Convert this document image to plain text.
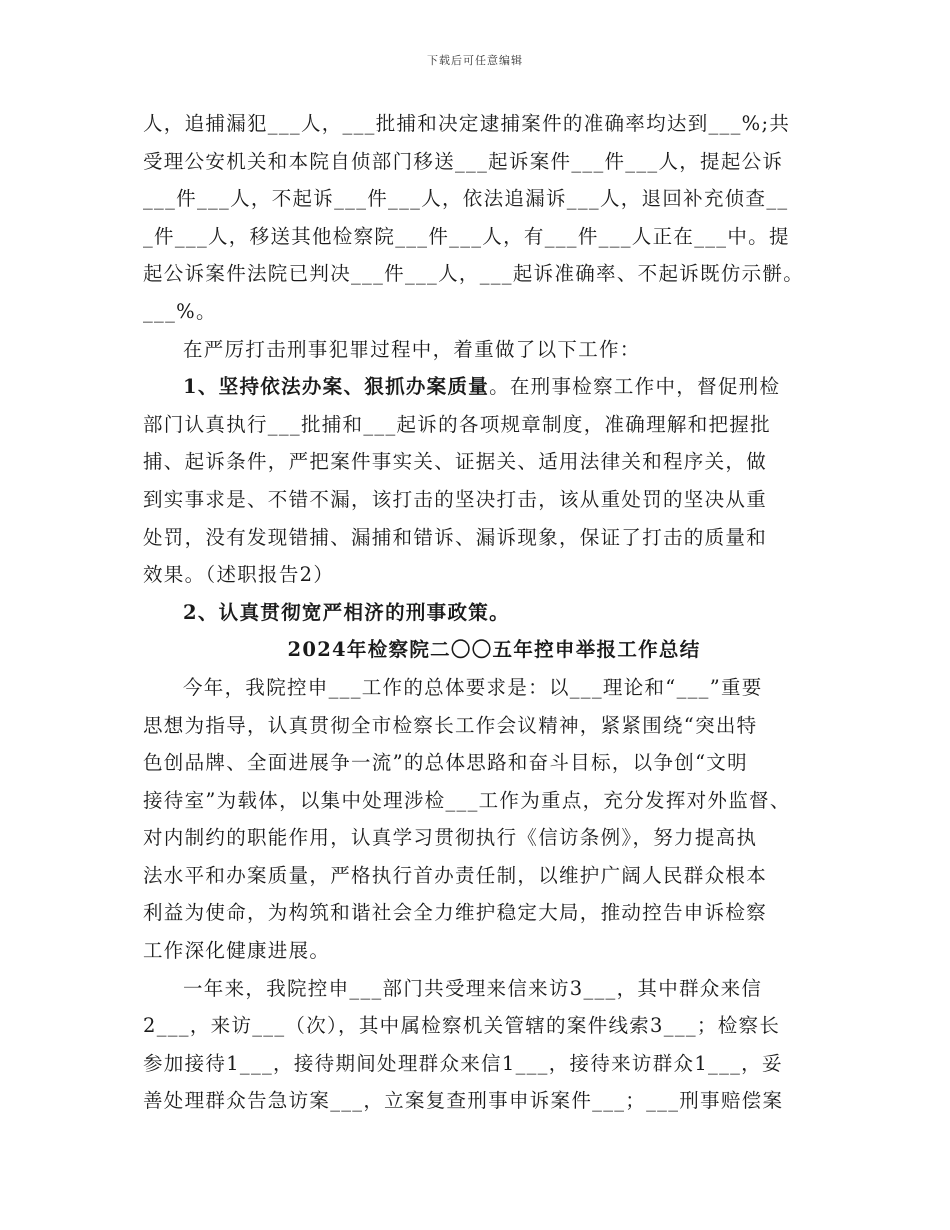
下载后可任意编辑
人，追捕漏犯___人，___批捕和决定逮捕案件的准确率均达到___%;共
受理公安机关和本院自侦部门移送___起诉案件___件___人，提起公诉
___件___人，不起诉___件___人，依法追漏诉___人，退回补充侦查__
_件___人，移送其他检察院___件___人，有___件___人正在___中。提
起公诉案件法院已判决___件___人，___起诉准确率、不起诉既仿示骿。
___%。
在严厉打击刑事犯罪过程中，着重做了以下工作：
1、坚持依法办案、狠抓办案质量。在刑事检察工作中，督促刑检
部门认真执行___批捕和___起诉的各项规章制度，准确理解和把握批
捕、起诉条件，严把案件事实关、证据关、适用法律关和程序关，做
到实事求是、不错不漏，该打击的坚决打击，该从重处罚的坚决从重
处罚，没有发现错捕、漏捕和错诉、漏诉现象，保证了打击的质量和
效果。（述职报告2）
2、认真贯彻宽严相济的刑事政策。
2024年检察院二〇〇五年控申举报工作总结
今年，我院控申___工作的总体要求是：以___理论和“___”重要
思想为指导，认真贯彻全市检察长工作会议精神，紧紧围绕“突出特
色创品牌、全面进展争一流”的总体思路和奋斗目标，以争创“文明
接待室”为载体，以集中处理涉检___工作为重点，充分发挥对外监督、
对内制约的职能作用，认真学习贯彻执行《信访条例》，努力提高执
法水平和办案质量，严格执行首办责任制，以维护广阔人民群众根本
利益为使命，为构筑和谐社会全力维护稳定大局，推动控告申诉检察
工作深化健康进展。
一年来，我院控申___部门共受理来信来访3___，其中群众来信
2___，来访___（次），其中属检察机关管辖的案件线索3___；检察长
参加接待1___，接待期间处理群众来信1___，接待来访群众1___，妥
善处理群众告急访案___，立案复查刑事申诉案件___；___刑事赔偿案
